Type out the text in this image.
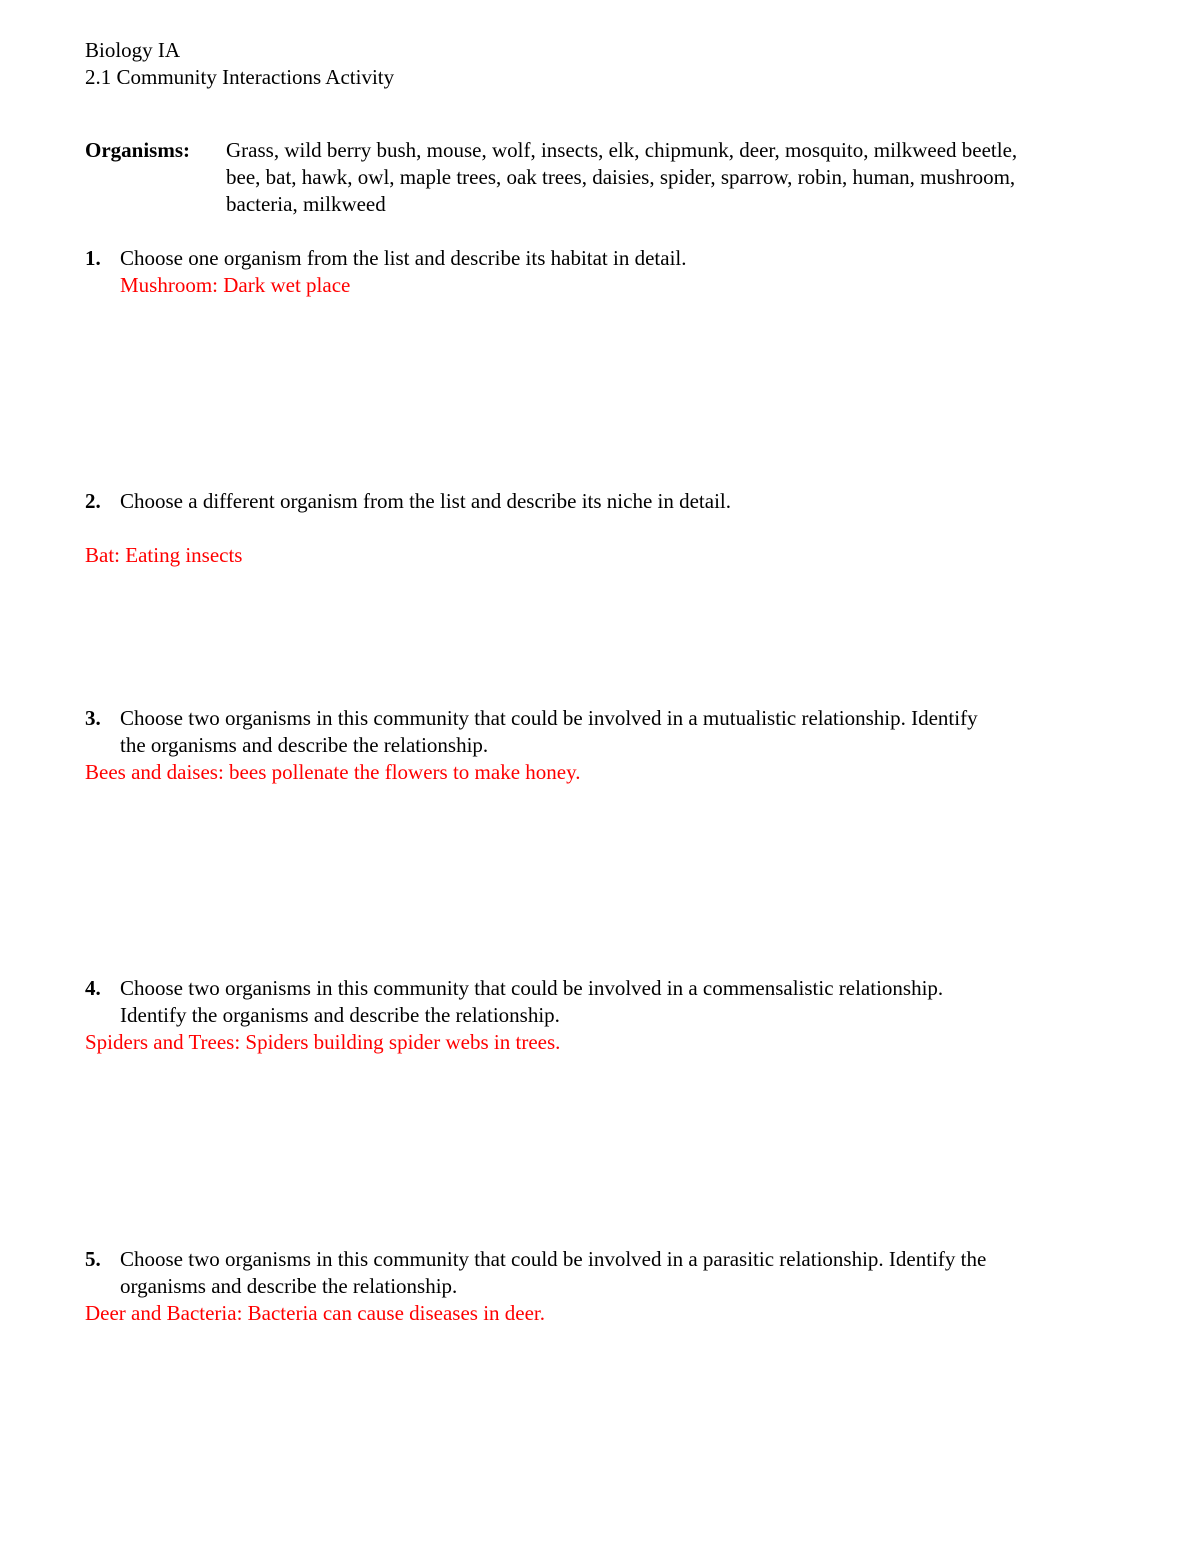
Biology IA
2.1 Community Interactions Activity
Organisms: Grass, wild berry bush, mouse, wolf, insects, elk, chipmunk, deer, mosquito, milkweed beetle,
bee, bat, hawk, owl, maple trees, oak trees, daisies, spider, sparrow, robin, human, mushroom,
bacteria, milkweed
1. Choose one organism from the list and describe its habitat in detail.
Mushroom: Dark wet place
2. Choose a different organism from the list and describe its niche in detail.
Bat: Eating insects
3. Choose two organisms in this community that could be involved in a mutualistic relationship. Identify
the organisms and describe the relationship.
Bees and daises: bees pollenate the flowers to make honey.
4. Choose two organisms in this community that could be involved in a commensalistic relationship.
Identify the organisms and describe the relationship.
Spiders and Trees: Spiders building spider webs in trees.
5. Choose two organisms in this community that could be involved in a parasitic relationship. Identify the
organisms and describe the relationship.
Deer and Bacteria: Bacteria can cause diseases in deer.
